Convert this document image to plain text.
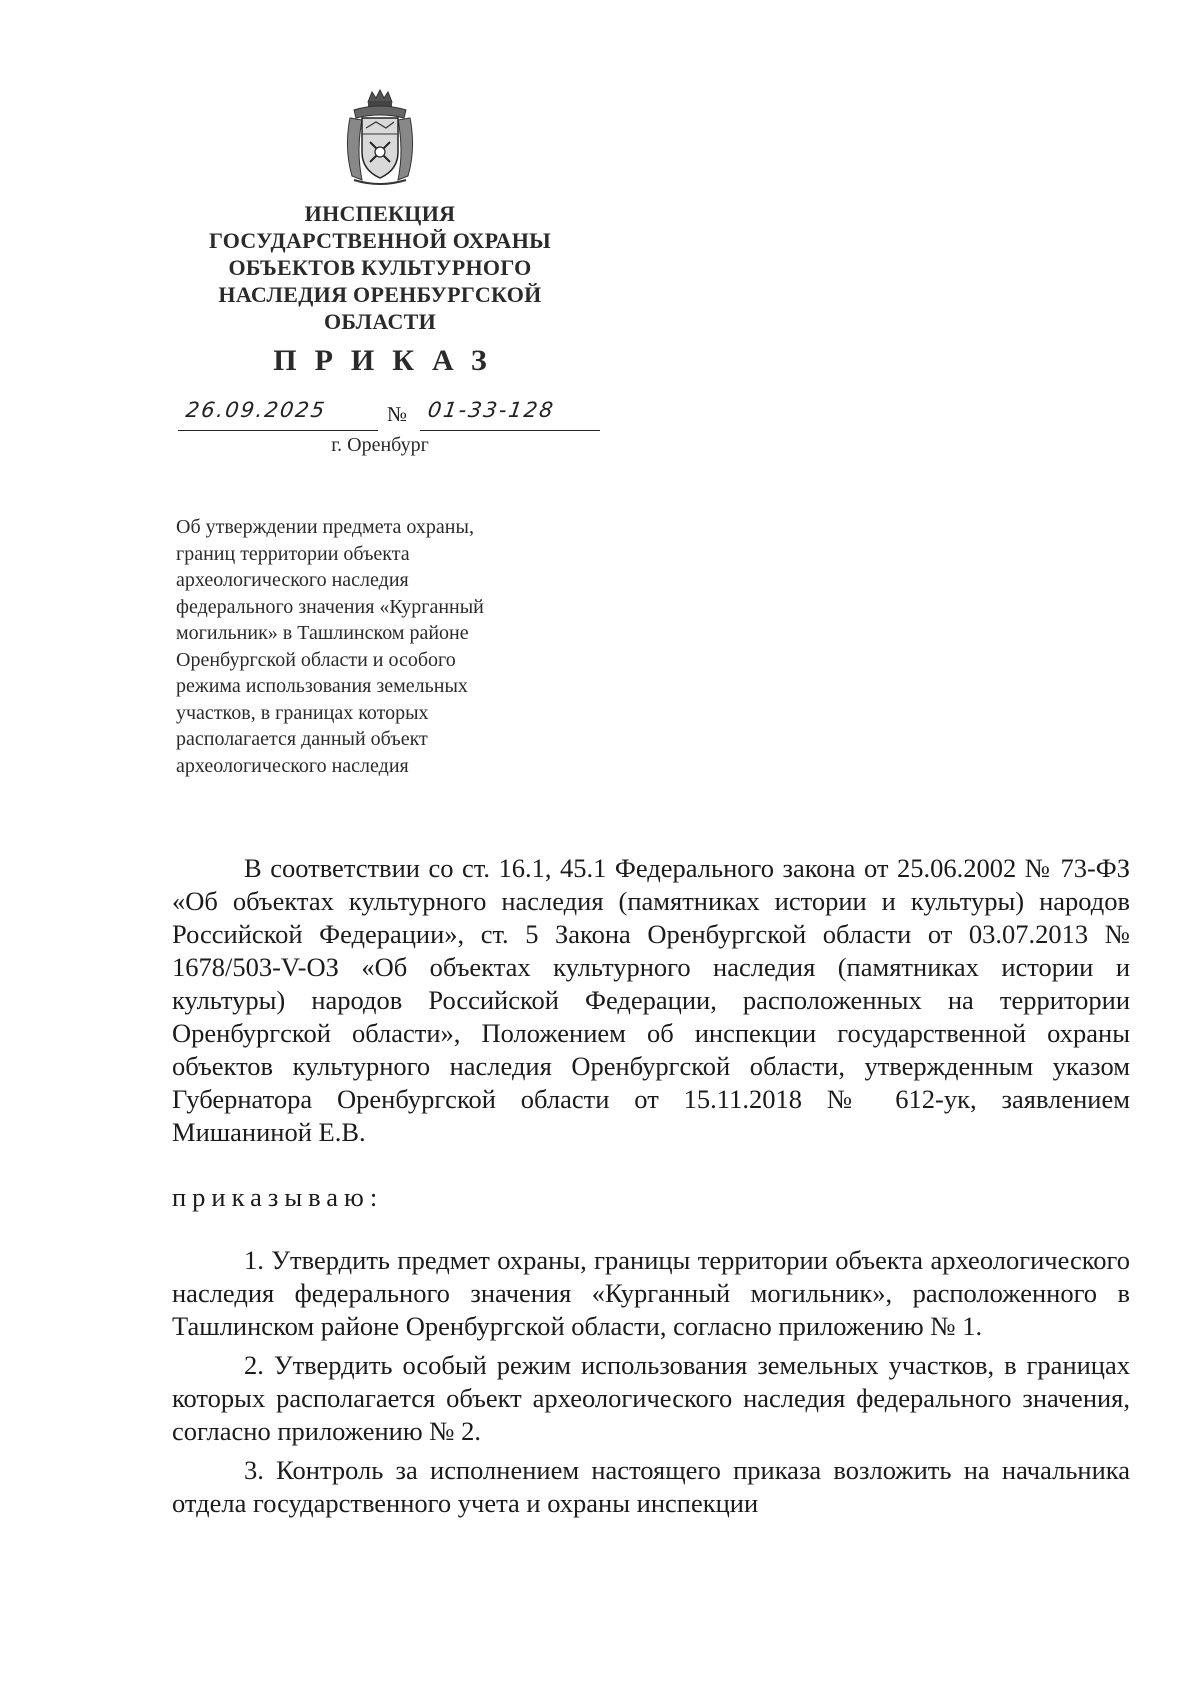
ИНСПЕКЦИЯ
ГОСУДАРСТВЕННОЙ ОХРАНЫ
ОБЪЕКТОВ КУЛЬТУРНОГО
НАСЛЕДИЯ ОРЕНБУРГСКОЙ
ОБЛАСТИ
ПРИКАЗ
26.09.2025	№ 01-33-128
г. Оренбург
Об утверждении предмета охраны,
границ территории объекта
археологического наследия
федерального значения «Курганный
могильник» в Ташлинском районе
Оренбургской области и особого
режима использования земельных
участков, в границах которых
располагается данный объект
археологического наследия

В соответствии со ст. 16.1, 45.1 Федерального закона от 25.06.2002 № 73-ФЗ «Об объектах культурного наследия (памятниках истории и культуры) народов Российской Федерации», ст. 5 Закона Оренбургской области от 03.07.2013 № 1678/503-V-ОЗ «Об объектах культурного наследия (памятниках истории и культуры) народов Российской Федерации, расположенных на территории Оренбургской области», Положением об инспекции государственной охраны объектов культурного наследия Оренбургской области, утвержденным указом Губернатора Оренбургской области от 15.11.2018 № 612-ук, заявлением Мишаниной Е.В.

приказываю:

1. Утвердить предмет охраны, границы территории объекта археологического наследия федерального значения «Курганный могильник», расположенного в Ташлинском районе Оренбургской области, согласно приложению № 1.

2. Утвердить особый режим использования земельных участков, в границах которых располагается объект археологического наследия федерального значения, согласно приложению № 2.

3. Контроль за исполнением настоящего приказа возложить на начальника отдела государственного учета и охраны инспекции
